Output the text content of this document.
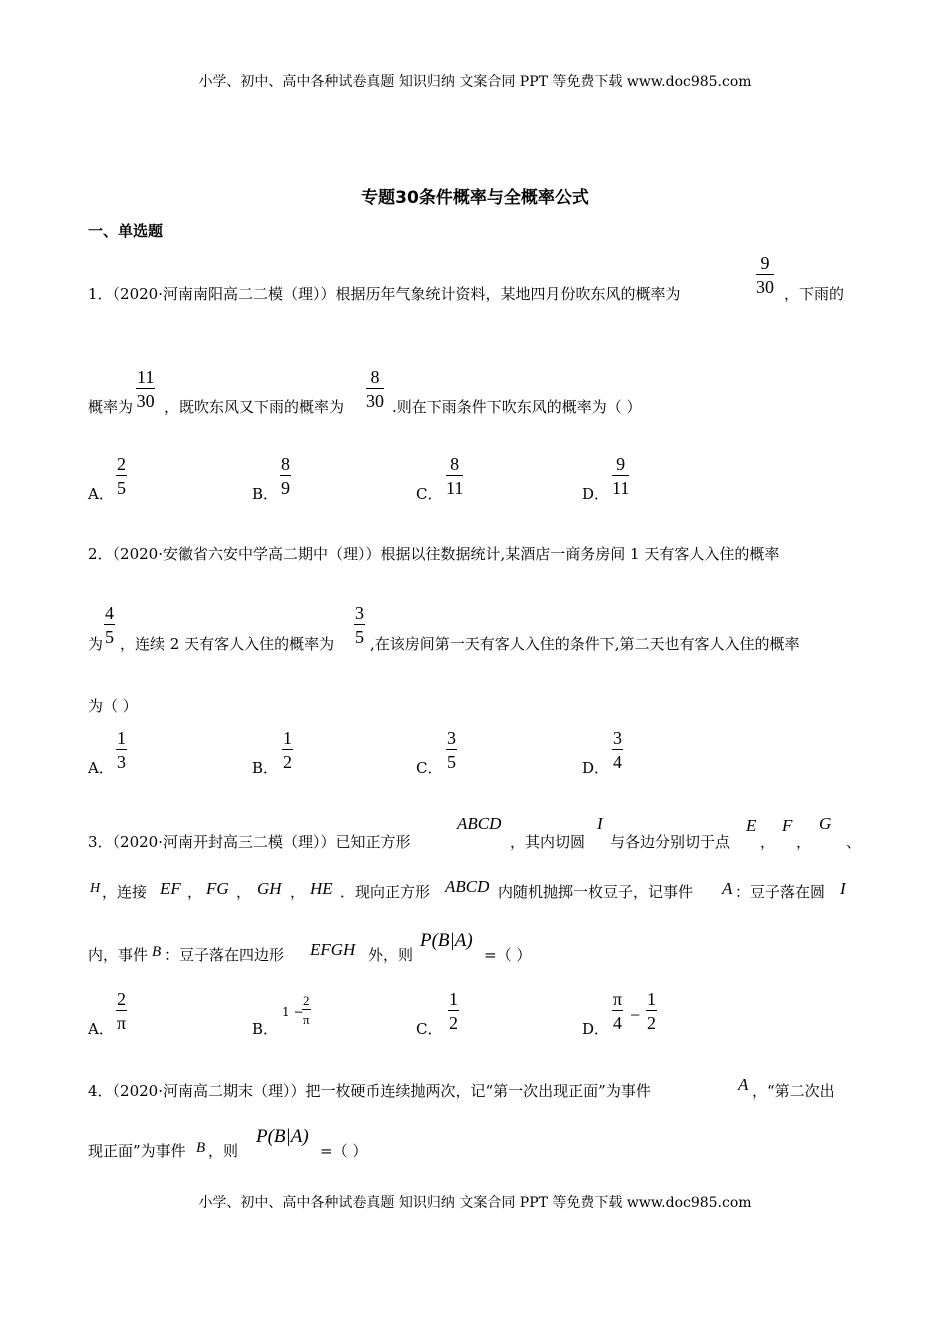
小学、初中、高中各种试卷真题 知识归纳 文案合同 PPT 等免费下载 www.doc985.com
小学、初中、高中各种试卷真题 知识归纳 文案合同 PPT 等免费下载 www.doc985.com
专题30条件概率与全概率公式
一、单选题
1．（2020·河南南阳高二二模（理））根据历年气象统计资料，某地四月份吹东风的概率为
9
30 ，下雨的
概率为
11
30 ，既吹东风又下雨的概率为
8
30 .则在下雨条件下吹东风的概率为（ ）
A．
2
5	B．
8
9	C．
8
11	D．
9
11
2．（2020·安徽省六安中学高二期中（理））根据以往数据统计,某酒店一商务房间 1 天有客人入住的概率
为
4
5 ，连续 2 天有客人入住的概率为
3
5 ,在该房间第一天有客人入住的条件下,第二天也有客人入住的概率
为（ ）
A．
1
3	B．
1
2	C．
3
5	D．
3
4
3．（2020·河南开封高三二模（理））已知正方形
ABCD
，其内切圆
I
与各边分别切于点
E
，
F
，
G
、
H ，连接 EF ， FG ， GH ， HE ．现向正方形 ABCD 内随机抛掷一枚豆子，记事件 A ：豆子落在圆 I
内，事件 B ：豆子落在四边形 EFGH 外，则
P(B|A)
=（ ）
A．
2
π	B．
1 −
2
π
C．
1
2	D．
π
4 −
1
2
4．（2020·河南高二期末（理））把一枚硬币连续抛两次，记“第一次出现正面”为事件	A ，“第二次出
现正面”为事件 B ，则
P(B|A)
=（ ）
